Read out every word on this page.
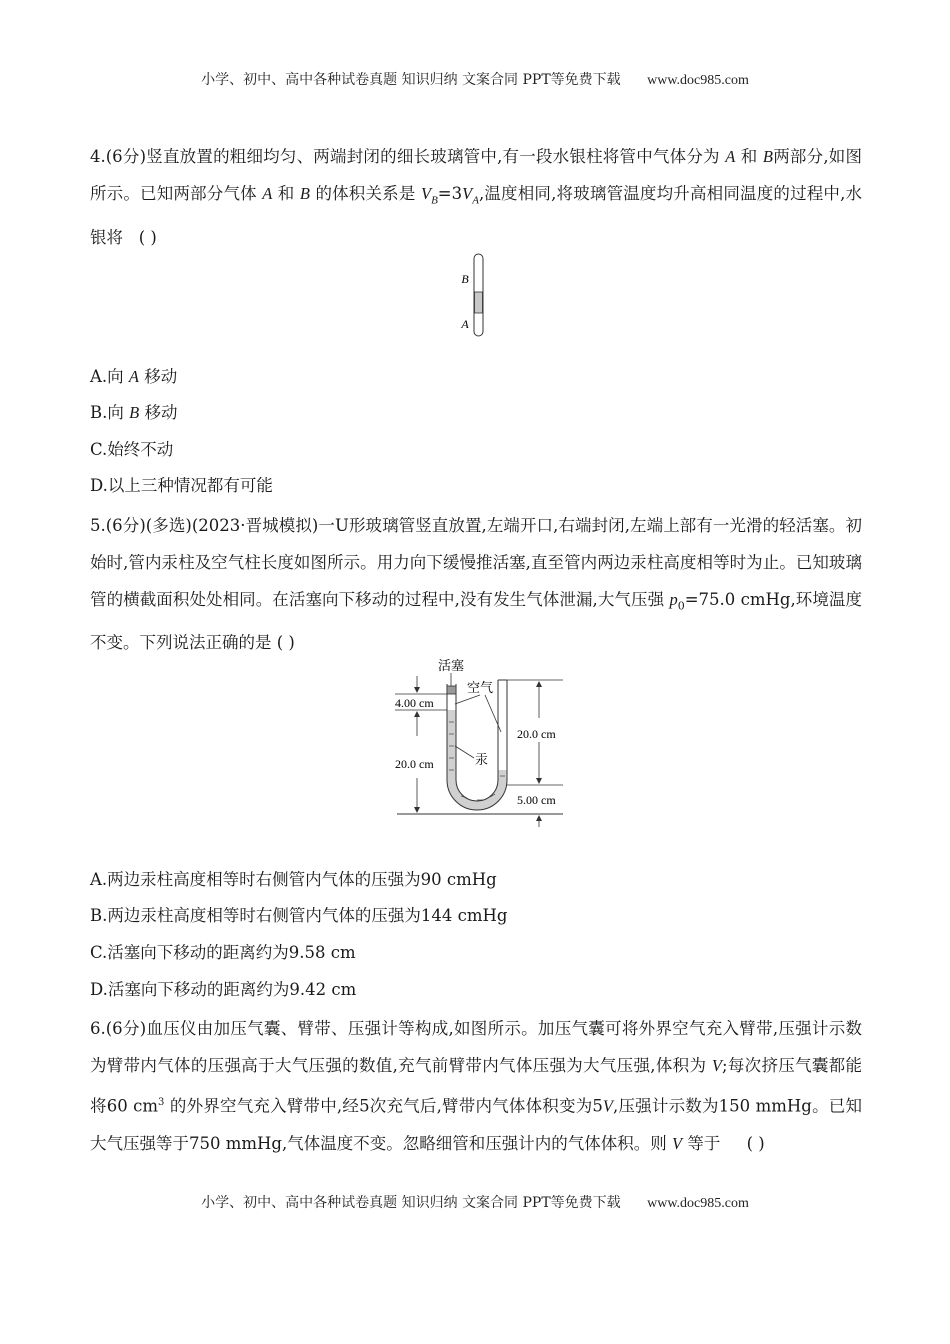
小学、初中、高中各种试卷真题 知识归纳 文案合同 PPT等免费下载 www.doc985.com
4.(6分)竖直放置的粗细均匀、两端封闭的细长玻璃管中,有一段水银柱将管中气体分为 A 和 B两部分,如图所示。已知两部分气体 A 和 B 的体积关系是 $V_B=3V_A$,温度相同,将玻璃管温度均升高相同温度的过程中,水银将 ( )
B
A
A.向 A 移动
B.向 B 移动
C.始终不动
D.以上三种情况都有可能
5.(6分)(多选)(2023·晋城模拟)一U形玻璃管竖直放置,左端开口,右端封闭,左端上部有一光滑的轻活塞。初始时,管内汞柱及空气柱长度如图所示。用力向下缓慢推活塞,直至管内两边汞柱高度相等时为止。已知玻璃管的横截面积处处相同。在活塞向下移动的过程中,没有发生气体泄漏,大气压强 $p_0=75.0$ cmHg,环境温度不变。下列说法正确的是 ( )
活塞
空气
汞
4.00 cm
20.0 cm
20.0 cm
5.00 cm
A.两边汞柱高度相等时右侧管内气体的压强为90 cmHg
B.两边汞柱高度相等时右侧管内气体的压强为144 cmHg
C.活塞向下移动的距离约为9.58 cm
D.活塞向下移动的距离约为9.42 cm
6.(6分)血压仪由加压气囊、臂带、压强计等构成,如图所示。加压气囊可将外界空气充入臂带,压强计示数为臂带内气体的压强高于大气压强的数值,充气前臂带内气体压强为大气压强,体积为 V;每次挤压气囊都能将60 $cm^3$ 的外界空气充入臂带中,经5次充气后,臂带内气体体积变为5V,压强计示数为150 mmHg。已知大气压强等于750 mmHg,气体温度不变。忽略细管和压强计内的气体体积。则 V 等于 ( )
小学、初中、高中各种试卷真题 知识归纳 文案合同 PPT等免费下载 www.doc985.com
